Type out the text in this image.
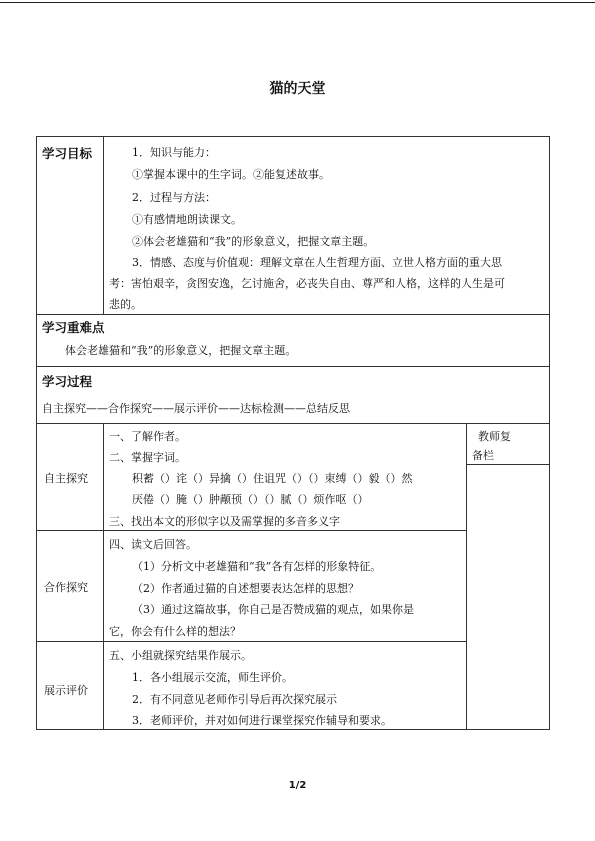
猫的天堂
学习目标	1．知识与能力：
①掌握本课中的生字词。②能复述故事。
2．过程与方法：
①有感情地朗读课文。
②体会老雄猫和“我”的形象意义，把握文章主题。
3．情感、态度与价值观：理解文章在人生哲理方面、立世人格方面的重大思
考：害怕艰辛，贪图安逸，乞讨施舍，必丧失自由、尊严和人格，这样的人生是可
悲的。
学习重难点
体会老雄猫和“我”的形象意义，把握文章主题。
学习过程
自主探究——合作探究——展示评价——达标检测——总结反思
教师复
备栏
自主探究
一、了解作者。
二、掌握字词。
积蓄（）诧（）异擒（）住诅咒（）（）束缚（）毅（）然
厌倦（）腌（）肿颟顸（）（）腻（）烦作呕（）
三、找出本文的形似字以及需掌握的多音多义字
合作探究
四、读文后回答。
（1）分析文中老雄猫和“我”各有怎样的形象特征。
（2）作者通过猫的自述想要表达怎样的思想？
（3）通过这篇故事，你自己是否赞成猫的观点，如果你是
它，你会有什么样的想法？
展示评价
五、小组就探究结果作展示。
1．各小组展示交流，师生评价。
2．有不同意见老师作引导后再次探究展示
3．老师评价，并对如何进行课堂探究作辅导和要求。
1/2
